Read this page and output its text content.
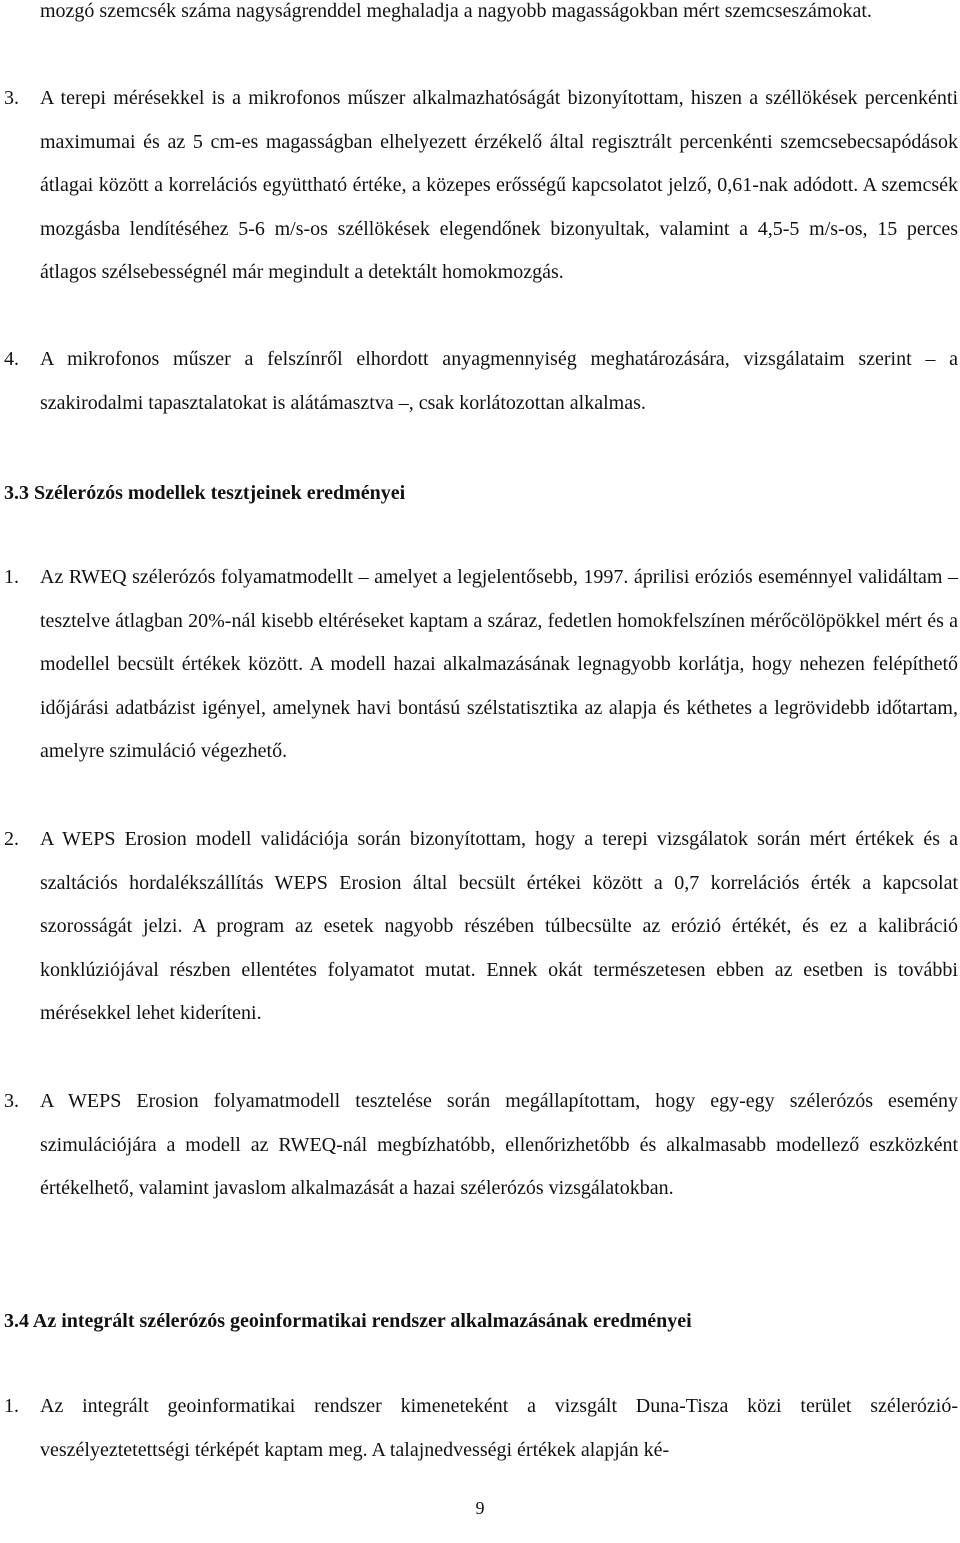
mozgó szemcsék száma nagyságrenddel meghaladja a nagyobb magasságokban mért szemcseszámokat.

3.	A terepi mérésekkel is a mikrofonos műszer alkalmazhatóságát bizonyítottam, hiszen a széllökések percenkénti maximumai és az 5 cm-es magasságban elhelyezett érzékelő által regisztrált percenkénti szemcsebecsapódások átlagai között a korrelációs együttható értéke, a közepes erősségű kapcsolatot jelző, 0,61-nak adódott. A szemcsék mozgásba lendítéséhez 5-6 m/s-os széllökések elegendőnek bizonyultak, valamint a 4,5-5 m/s-os, 15 perces átlagos szélsebességnél már megindult a detektált homokmozgás.

4.	A mikrofonos műszer a felszínről elhordott anyagmennyiség meghatározására, vizsgálataim szerint – a szakirodalmi tapasztalatokat is alátámasztva –, csak korlátozottan alkalmas.

3.3 Szélerózós modellek tesztjeinek eredményei
1.	Az RWEQ szélerózós folyamatmodellt – amelyet a legjelentősebb, 1997. áprilisi eróziós eseménnyel validáltam – tesztelve átlagban 20%-nál kisebb eltéréseket kaptam a száraz, fedetlen homokfelszínen mérőcölöpökkel mért és a modellel becsült értékek között. A modell hazai alkalmazásának legnagyobb korlátja, hogy nehezen felépíthető időjárási adatbázist igényel, amelynek havi bontású szélstatisztika az alapja és kéthetes a legrövidebb időtartam, amelyre szimuláció végezhető.

2.	A WEPS Erosion modell validációja során bizonyítottam, hogy a terepi vizsgálatok során mért értékek és a szaltációs hordalékszállítás WEPS Erosion által becsült értékei között a 0,7 korrelációs érték a kapcsolat szorosságát jelzi. A program az esetek nagyobb részében túlbecsülte az erózió értékét, és ez a kalibráció konklúziójával részben ellentétes folyamatot mutat. Ennek okát természetesen ebben az esetben is további mérésekkel lehet kideríteni.

3.	A WEPS Erosion folyamatmodell tesztelése során megállapítottam, hogy egy-egy szélerózós esemény szimulációjára a modell az RWEQ-nál megbízhatóbb, ellenőrizhetőbb és alkalmasabb modellező eszközként értékelhető, valamint javaslom alkalmazását a hazai szélerózós vizsgálatokban.

3.4 Az integrált szélerózós geoinformatikai rendszer alkalmazásának eredményei
1.	Az integrált geoinformatikai rendszer kimeneteként a vizsgált Duna-Tisza közi terület szélerózió-veszélyeztetettségi térképét kaptam meg. A talajnedvességi értékek alapján ké-

9
